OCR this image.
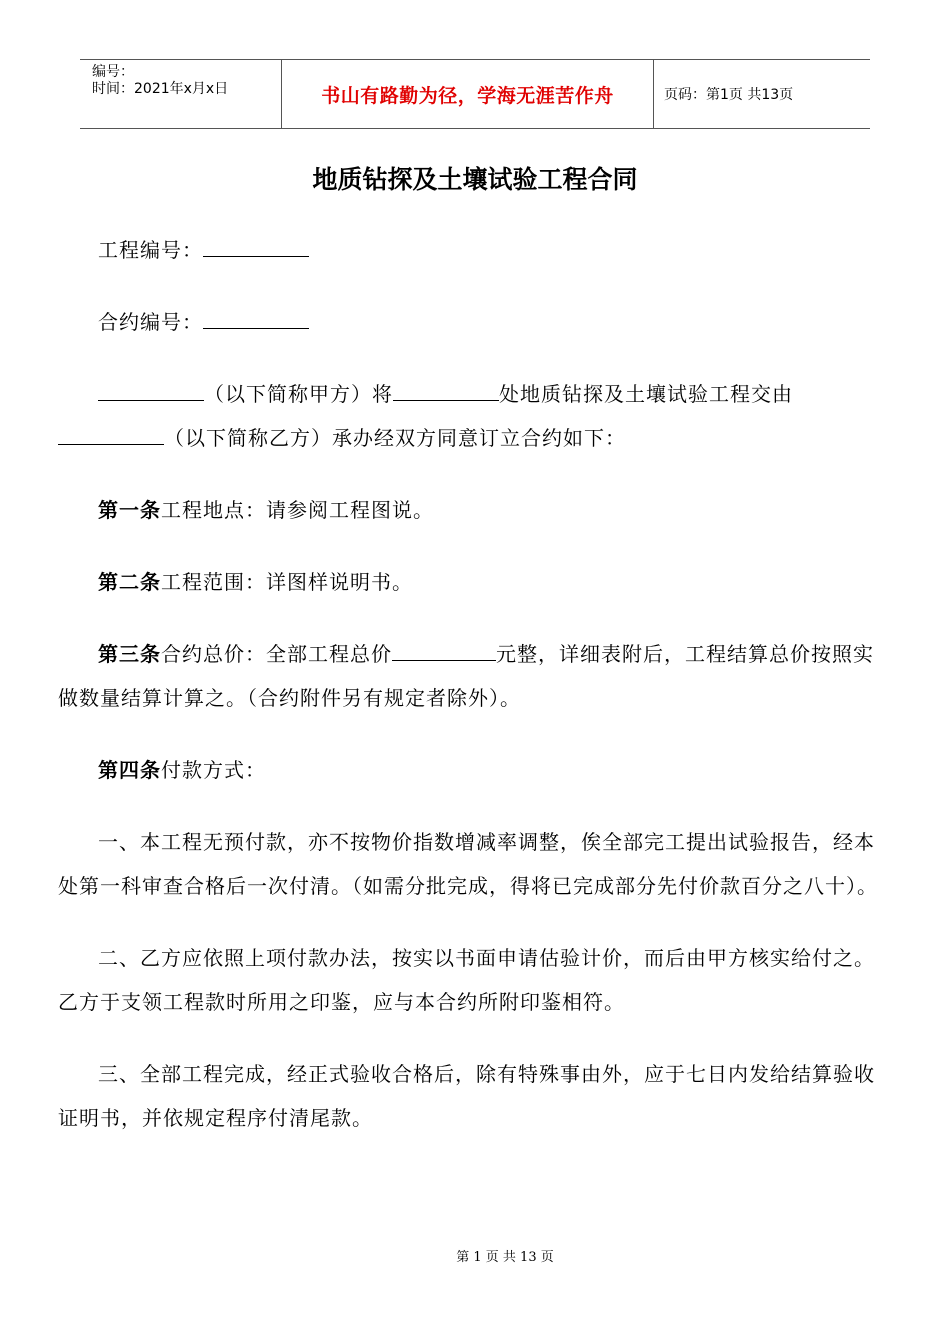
编号：
时间：2021年x月x日	书山有路勤为径，学海无涯苦作舟	页码：第1页 共13页
地质钻探及土壤试验工程合同

工程编号：

合约编号：

（以下简称甲方）将	处地质钻探及土壤试验工程交由（以下简称乙方）承办经双方同意订立合约如下：

第一条工程地点：请参阅工程图说。

第二条工程范围：详图样说明书。

第三条合约总价：全部工程总价	元整，详细表附后，工程结算总价按照实做数量结算计算之。（合约附件另有规定者除外）。

第四条付款方式：

一、本工程无预付款，亦不按物价指数增减率调整，俟全部完工提出试验报告，经本处第一科审查合格后一次付清。（如需分批完成，得将已完成部分先付价款百分之八十）。

二、乙方应依照上项付款办法，按实以书面申请估验计价，而后由甲方核实给付之。乙方于支领工程款时所用之印鉴，应与本合约所附印鉴相符。

三、全部工程完成，经正式验收合格后，除有特殊事由外，应于七日内发给结算验收证明书，并依规定程序付清尾款。

第 1 页 共 13 页
